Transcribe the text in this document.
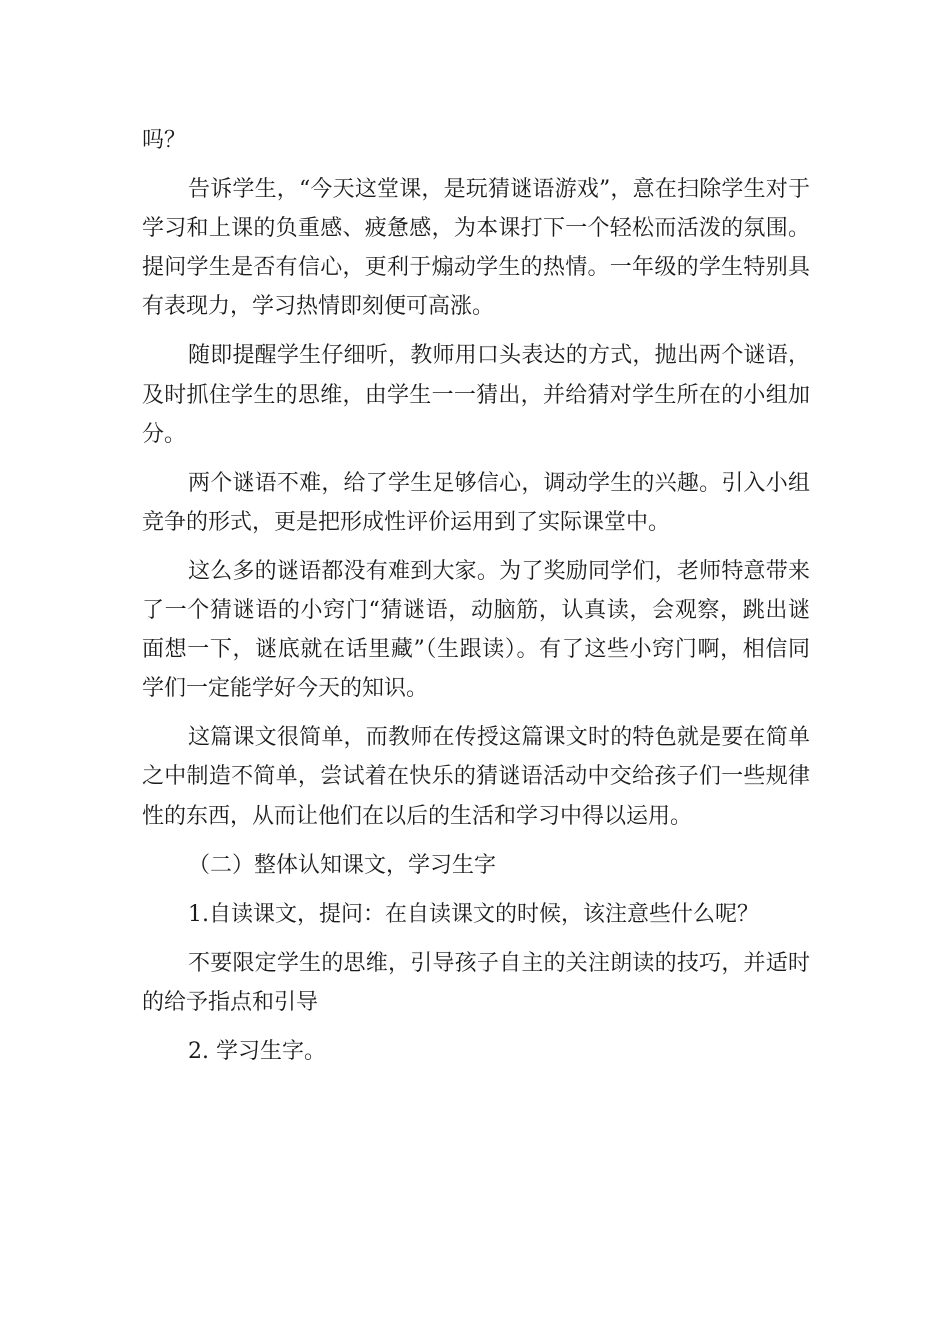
吗？

告诉学生，“今天这堂课，是玩猜谜语游戏”，意在扫除学生对于学习和上课的负重感、疲惫感，为本课打下一个轻松而活泼的氛围。提问学生是否有信心，更利于煽动学生的热情。一年级的学生特别具有表现力，学习热情即刻便可高涨。

随即提醒学生仔细听，教师用口头表达的方式，抛出两个谜语，及时抓住学生的思维，由学生一一猜出，并给猜对学生所在的小组加分。

两个谜语不难，给了学生足够信心，调动学生的兴趣。引入小组竞争的形式，更是把形成性评价运用到了实际课堂中。

这么多的谜语都没有难到大家。为了奖励同学们，老师特意带来了一个猜谜语的小窍门“猜谜语，动脑筋，认真读，会观察，跳出谜面想一下，谜底就在话里藏”（生跟读）。有了这些小窍门啊，相信同学们一定能学好今天的知识。

这篇课文很简单，而教师在传授这篇课文时的特色就是要在简单之中制造不简单，尝试着在快乐的猜谜语活动中交给孩子们一些规律性的东西，从而让他们在以后的生活和学习中得以运用。

（二）整体认知课文，学习生字

1.自读课文，提问：在自读课文的时候，该注意些什么呢？

不要限定学生的思维，引导孩子自主的关注朗读的技巧，并适时的给予指点和引导

2. 学习生字。
